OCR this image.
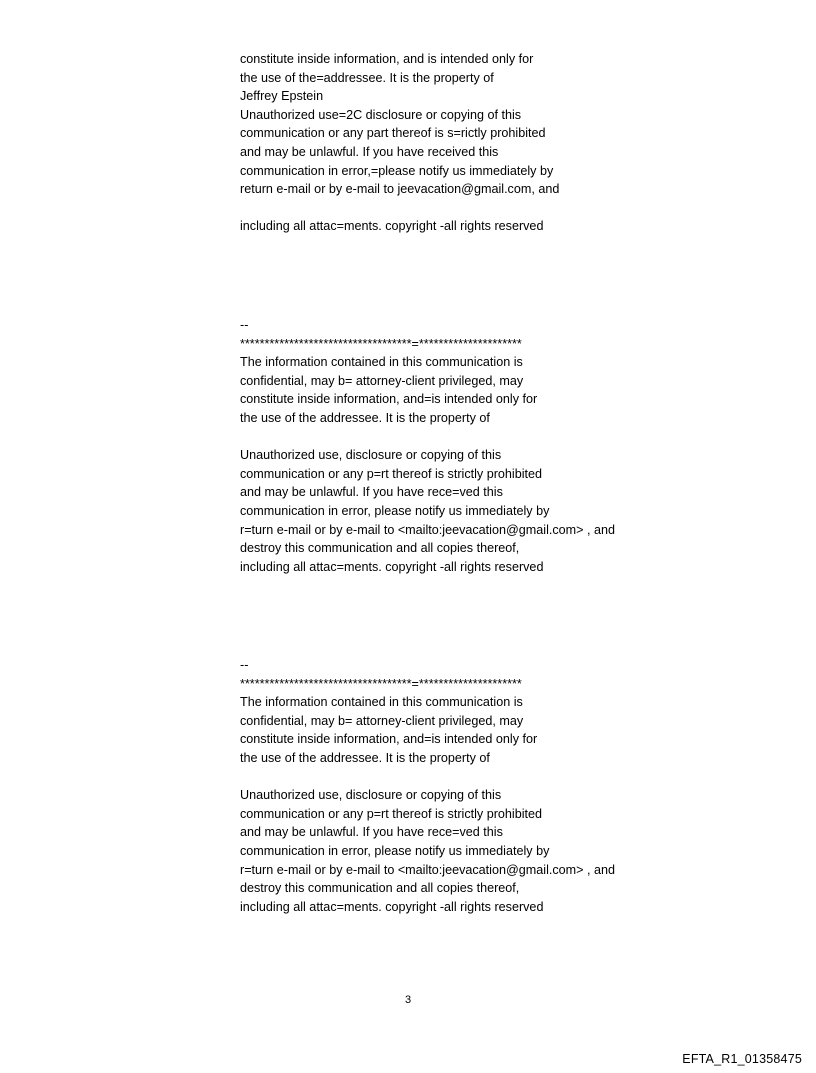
constitute inside information, and is intended only for
the use of the=addressee. It is the property of
Jeffrey Epstein
Unauthorized use=2C disclosure or copying of this
communication or any part thereof is s=rictly prohibited
and may be unlawful. If you have received this
communication in error,=please notify us immediately by
return e-mail or by e-mail to jeevacation@gmail.com, and
including all attac=ments. copyright -all rights reserved
--
***********************************=*********************
The information contained in this communication is
confidential, may b= attorney-client privileged, may
constitute inside information, and=is intended only for
the use of the addressee. It is the property of
Unauthorized use, disclosure or copying of this
communication or any p=rt thereof is strictly prohibited
and may be unlawful. If you have rece=ved this
communication in error, please notify us immediately by
r=turn e-mail or by e-mail to <mailto:jeevacation@gmail.com> , and
destroy this communication and all copies thereof,
including all attac=ments. copyright -all rights reserved
--
***********************************=*********************
The information contained in this communication is
confidential, may b= attorney-client privileged, may
constitute inside information, and=is intended only for
the use of the addressee. It is the property of
Unauthorized use, disclosure or copying of this
communication or any p=rt thereof is strictly prohibited
and may be unlawful. If you have rece=ved this
communication in error, please notify us immediately by
r=turn e-mail or by e-mail to <mailto:jeevacation@gmail.com> , and
destroy this communication and all copies thereof,
including all attac=ments. copyright -all rights reserved
3
EFTA_R1_01358475
